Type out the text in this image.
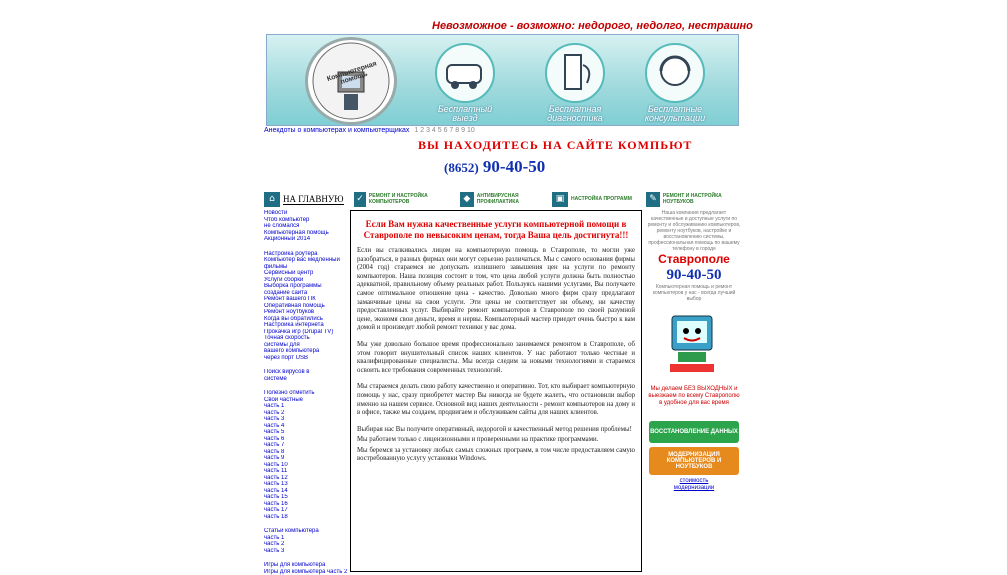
Невозможное - возможно: недорого, недолго, нестрашно
Компьютерная помощь
Бесплатный
выезд
Бесплатная
диагностика
Бесплатные
консультации
Анекдоты о компьютерах и компьютерщиках 1 2 3 4 5 6 7 8 9 10
ВЫ НАХОДИТЕСЬ НА САЙТЕ КОМПЬЮТ
(8652) 90-40-50
⌂ НА ГЛАВНУЮ ✓	РЕМОНТ И НАСТРОЙКА КОМПЬЮТЕРОВ	◆	АНТИВИРУСНАЯ ПРОФИЛАКТИКА	▣	НАСТРОЙКА ПРОГРАММ	✎	РЕМОНТ И НАСТРОЙКА НОУТБУКОВ
Новости
Чтоб компьютер
не сломался
Компьютерная помощь
Акционный 2014
Настройка роутера
Компьютер вас медленный
фильмы
Сервисный центр
Услуги сборки
Выборка программы
создание сайта
Ремонт вашего ПК
Оперативная помощь
Ремонт ноутбуков
Когда вы обратились
Настройка интернета
Прокачка игр (Drupal TV)
Точная скорость
системы для
вашего компьютера
через порт USB
Поиск вирусов в
системе
Полезно отметить
Свои частные
часть 1
часть 2
часть 3
часть 4
часть 5
часть 6
часть 7
часть 8
часть 9
часть 10
часть 11
часть 12
часть 13
часть 14
часть 15
часть 16
часть 17
часть 18
Статьи компьютера
часть 1
часть 2
часть 3
Игры для компьютера
Игры для компьютера часть 2
Если Вам нужна качественные услуги компьютерной помощи в Ставрополе по невысоким ценам, тогда Ваша цель достигнута!!!

Если вы сталкивались лицом на компьютерную помощь в Ставрополе, то могли уже разобраться, в разных фирмах они могут серьезно различаться. Мы с самого основания фирмы (2004 год) стараемся не допускать излишнего завышения цен на услуги по ремонту компьютеров. Наша позиция состоит в том, что цена любой услуги должна быть полностью адекватной, правильному объему реальных работ. Пользуясь нашими услугами, Вы получаете самое оптимальное отношение цена - качество. Довольно много фирм сразу предлагают заманчивые цены на свои услуги. Эти цены не соответствует ни объему, ни качеству предоставленных услуг. Выбирайте ремонт компьютеров в Ставрополе по своей разумной цене, экономя свои деньги, время и нервы. Компьютерный мастер приедет очень быстро к вам домой и произведет любой ремонт техники у вас дома.

Мы уже довольно большое время профессионально занимаемся ремонтом в Ставрополе, об этом говорит внушительный список наших клиентов. У нас работают только честные и квалифицированные специалисты. Мы всегда следим за новыми технологиями и стараемся освоить все требования современных технологий.

Мы стараемся делать свою работу качественно и оперативно. Тот, кто выбирает компьютерную помощь у нас, сразу приобретет мастер Вы никогда не будете жалеть, что остановили выбор именно на нашем сервисе. Основной вид наших деятельности - ремонт компьютеров на дому и в офисе, также мы создаем, продвигаем и обслуживаем сайты для наших клиентов.

Выбирая нас Вы получите оперативный, недорогой и качественный метод решения проблемы!

Мы работаем только с лицензионными и проверенными на практике программами.

Мы беремся за установку любых самых сложных программ, в том числе предоставляем самую востребованную услугу установки Windows.

Наша компания предлагает качественные и доступные услуги по ремонту и обслуживанию компьютеров, ремонту ноутбуков, настройке и восстановлению системы, профессиональная помощь по вашему телефону в городе
Ставрополе
90-40-50
Компьютерная помощь и ремонт компьютеров у нас - всегда лучший выбор
Мы делаем БЕЗ ВЫХОДНЫХ и выезжаем по всему Ставрополю в удобное для вас время
ВОССТАНОВЛЕНИЕ ДАННЫХ
МОДЕРНИЗАЦИЯ КОМПЬЮТЕРОВ И НОУТБУКОВ
стоимость
модернизации
